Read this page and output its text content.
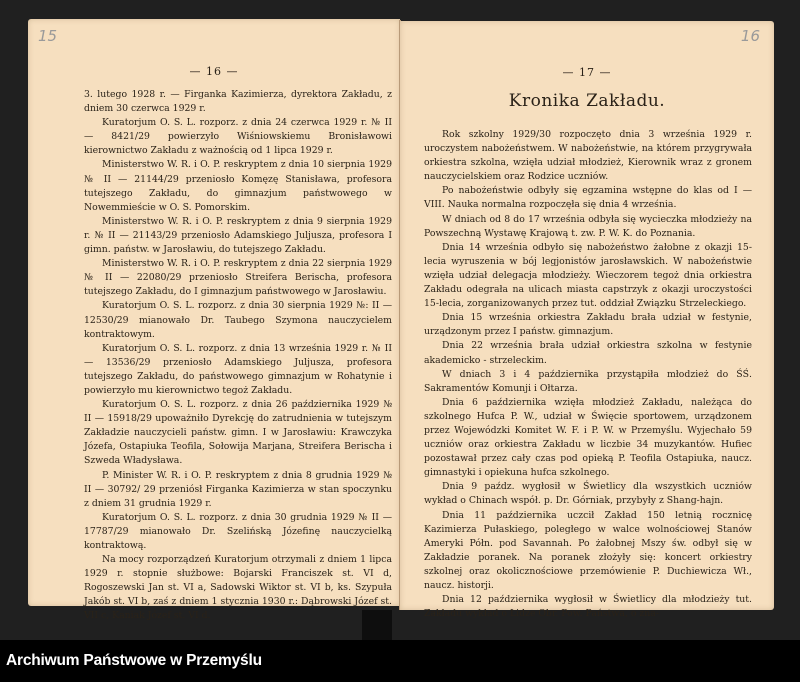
15
— 16 —

3. lutego 1928 r. — Firganka Kazimierza, dyrektora Zakładu, z dniem 30 czerwca 1929 r.

Kuratorjum O. S. L. rozporz. z dnia 24 czerwca 1929 r. № II — 8421/29 powierzyło Wiśniowskiemu Bronisławowi kierownictwo Zakładu z ważnością od 1 lipca 1929 r.

Ministerstwo W. R. i O. P. reskryptem z dnia 10 sierpnia 1929 № II — 21144/29 przeniosło Komęzę Stanisława, profesora tutejszego Zakładu, do gimnazjum państwowego w Nowemmieście w O. S. Pomorskim.

Ministerstwo W. R. i O. P. reskryptem z dnia 9 sierpnia 1929 r. № II — 21143/29 przeniosło Adamskiego Juljusza, profesora I gimn. państw. w Jarosławiu, do tutejszego Zakładu.

Ministerstwo W. R. i O. P. reskryptem z dnia 22 sierpnia 1929 № II — 22080/29 przeniosło Streifera Berischa, profesora tutejszego Zakładu, do I gimnazjum państwowego w Jarosławiu.

Kuratorjum O. S. L. rozporz. z dnia 30 sierpnia 1929 №: II — 12530/29 mianowało Dr. Taubego Szymona nauczycielem kontraktowym.

Kuratorjum O. S. L. rozporz. z dnia 13 września 1929 r. № II — 13536/29 przeniosło Adamskiego Juljusza, profesora tutejszego Zakładu, do państwowego gimnazjum w Rohatynie i powierzyło mu kierownictwo tegoż Zakładu.

Kuratorjum O. S. L. rozporz. z dnia 26 października 1929 № II — 15918/29 upoważniło Dyrekcję do zatrudnienia w tutejszym Zakładzie nauczycieli państw. gimn. I w Jarosławiu: Krawczyka Józefa, Ostapiuka Teofila, Sołowija Marjana, Streifera Berischa i Szweda Władysława.

P. Minister W. R. i O. P. reskryptem z dnia 8 grudnia 1929 № II — 30792/ 29 przeniósł Firganka Kazimierza w stan spoczynku z dniem 31 grudnia 1929 r.

Kuratorjum O. S. L. rozporz. z dnia 30 grudnia 1929 № II — 17787/29 mianowało Dr. Szelińską Józefinę nauczycielką kontraktową.

Na mocy rozporządzeń Kuratorjum otrzymali z dniem 1 lipca 1929 r. stopnie służbowe: Bojarski Franciszek st. VI d, Rogoszewski Jan st. VI a, Sadowski Wiktor st. VI b, ks. Szypuła Jakób st. VI b, zaś z dniem 1 stycznia 1930 r.: Dąbrowski Józef st. VII c, Kaniak Józef st. VI d.

16
— 17 —
Kronika Zakładu.

Rok szkolny 1929/30 rozpoczęto dnia 3 września 1929 r. uroczystem nabożeństwem. W nabożeństwie, na którem przygrywała orkiestra szkolna, wzięła udział młodzież, Kierownik wraz z gronem nauczycielskiem oraz Rodzice uczniów.

Po nabożeństwie odbyły się egzamina wstępne do klas od I — VIII. Nauka normalna rozpoczęła się dnia 4 września.

W dniach od 8 do 17 września odbyła się wycieczka młodzieży na Powszechną Wystawę Krajową t. zw. P. W. K. do Poznania.

Dnia 14 września odbyło się nabożeństwo żałobne z okazji 15-lecia wyruszenia w bój legjonistów jarosławskich. W nabożeństwie wzięła udział delegacja młodzieży. Wieczorem tegoż dnia orkiestra Zakładu odegrała na ulicach miasta capstrzyk z okazji uroczystości 15-lecia, zorganizowanych przez tut. oddział Związku Strzeleckiego.

Dnia 15 września orkiestra Zakładu brała udział w festynie, urządzonym przez I państw. gimnazjum.

Dnia 22 września brała udział orkiestra szkolna w festynie akademicko - strzeleckim.

W dniach 3 i 4 października przystąpiła młodzież do ŚŚ. Sakramentów Komunji i Ołtarza.

Dnia 6 października wzięła młodzież Zakładu, należąca do szkolnego Hufca P. W., udział w Święcie sportowem, urządzonem przez Wojewódzki Komitet W. F. i P. W. w Przemyślu. Wyjechało 59 uczniów oraz orkiestra Zakładu w liczbie 34 muzykantów. Hufiec pozostawał przez cały czas pod opieką P. Teofila Ostapiuka, naucz. gimnastyki i opiekuna hufca szkolnego.

Dnia 9 paźdz. wygłosił w Świetlicy dla wszystkich uczniów wykład o Chinach współ. p. Dr. Górniak, przybyły z Shang-hajn.

Dnia 11 października uczcił Zakład 150 letnią rocznicę Kazimierza Pułaskiego, poległego w walce wolnościowej Stanów Ameryki Półn. pod Savannah. Po żałobnej Mszy św. odbył się w Zakładzie poranek. Na poranek złożyły się: koncert orkiestry szkolnej oraz okolicznościowe przemówienie P. Duchiewicza Wł., naucz. historji.

Dnia 12 października wygłosił w Świetlicy dla młodzieży tut. Zakładu wykład o Lidze Obr. Pow. Państwa, o zna-

Archiwum Państwowe w Przemyślu
